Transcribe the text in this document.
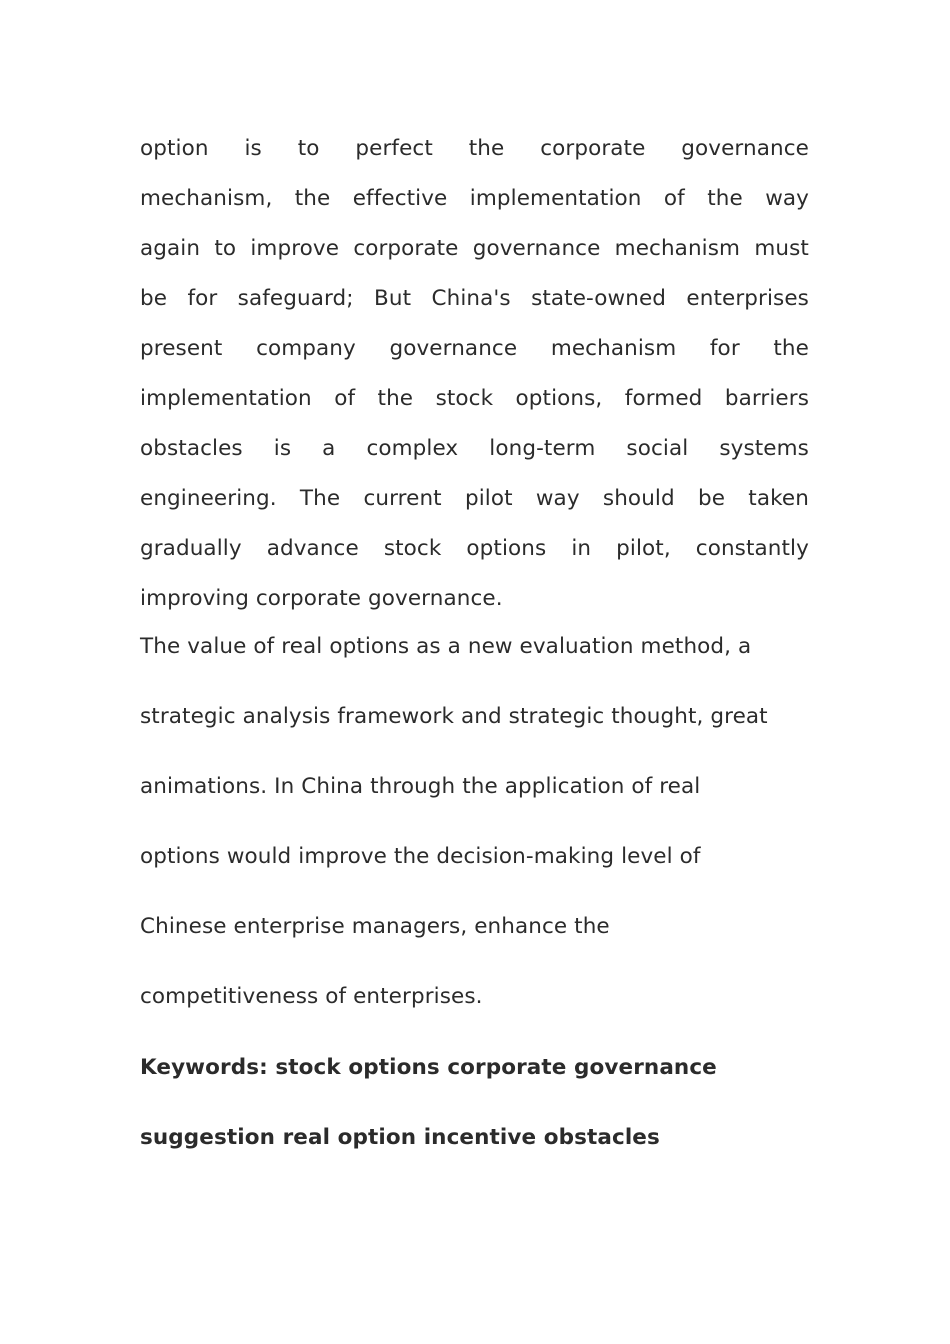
option is to perfect the corporate governance
mechanism, the effective implementation of the way
again to improve corporate governance mechanism must
be for safeguard; But China's state-owned enterprises
present company governance mechanism for the
implementation of the stock options, formed barriers
obstacles is a complex long-term social systems
engineering. The current pilot way should be taken
gradually advance stock options in pilot, constantly
improving corporate governance.
The value of real options as a new evaluation method, a
strategic analysis framework and strategic thought, great
animations. In China through the application of real
options would improve the decision-making level of
Chinese enterprise managers, enhance the
competitiveness of enterprises.
Keywords: stock options corporate governance
suggestion real option incentive obstacles
